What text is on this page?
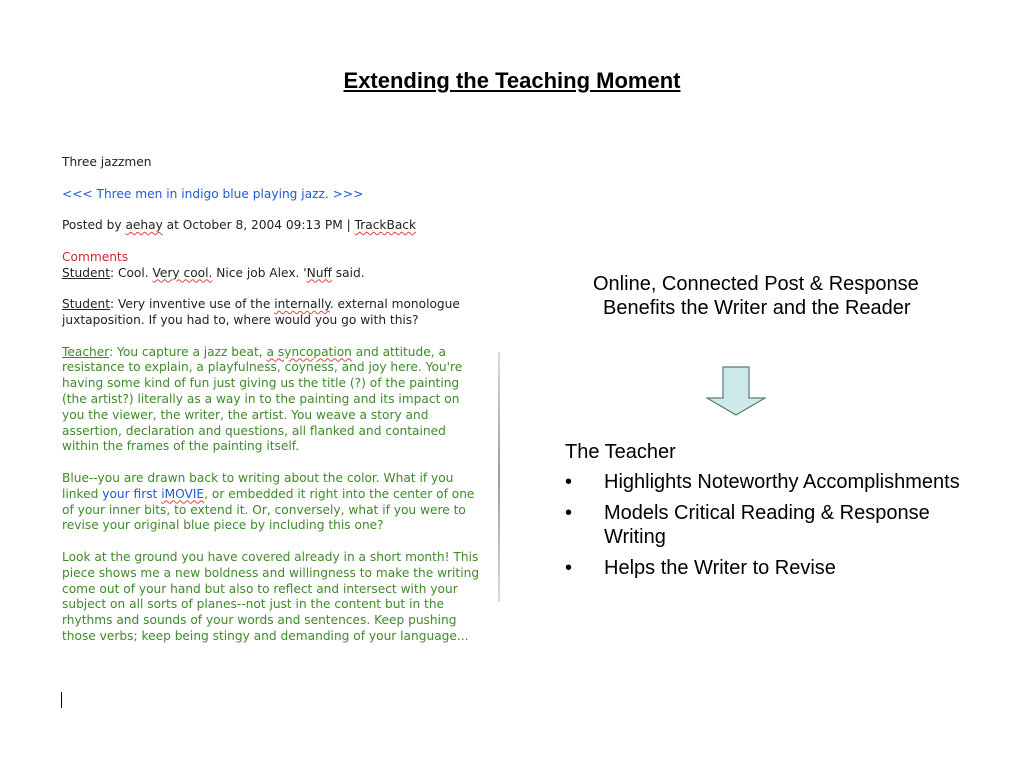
Extending the Teaching Moment

Three jazzmen

<<< Three men in indigo blue playing jazz. >>>

Posted by aehay at October 8, 2004 09:13 PM | TrackBack

Comments

Student: Cool. Very cool. Nice job Alex. 'Nuff said.

Student: Very inventive use of the internally. external monologue juxtaposition. If you had to, where would you go with this?

Teacher: You capture a jazz beat, a syncopation and attitude, a resistance to explain, a playfulness, coyness, and joy here. You're having some kind of fun just giving us the title (?) of the painting (the artist?) literally as a way in to the painting and its impact on you the viewer, the writer, the artist. You weave a story and assertion, declaration and questions, all flanked and contained within the frames of the painting itself.

Blue--you are drawn back to writing about the color. What if you linked your first iMOVIE, or embedded it right into the center of one of your inner bits, to extend it. Or, conversely, what if you were to revise your original blue piece by including this one?

Look at the ground you have covered already in a short month! This piece shows me a new boldness and willingness to make the writing come out of your hand but also to reflect and intersect with your subject on all sorts of planes--not just in the content but in the rhythms and sounds of your words and sentences. Keep pushing those verbs; keep being stingy and demanding of your language...

Online, Connected Post & Response Benefits the Writer and the Reader

The Teacher

• Highlights Noteworthy Accomplishments
• Models Critical Reading & Response Writing
• Helps the Writer to Revise
